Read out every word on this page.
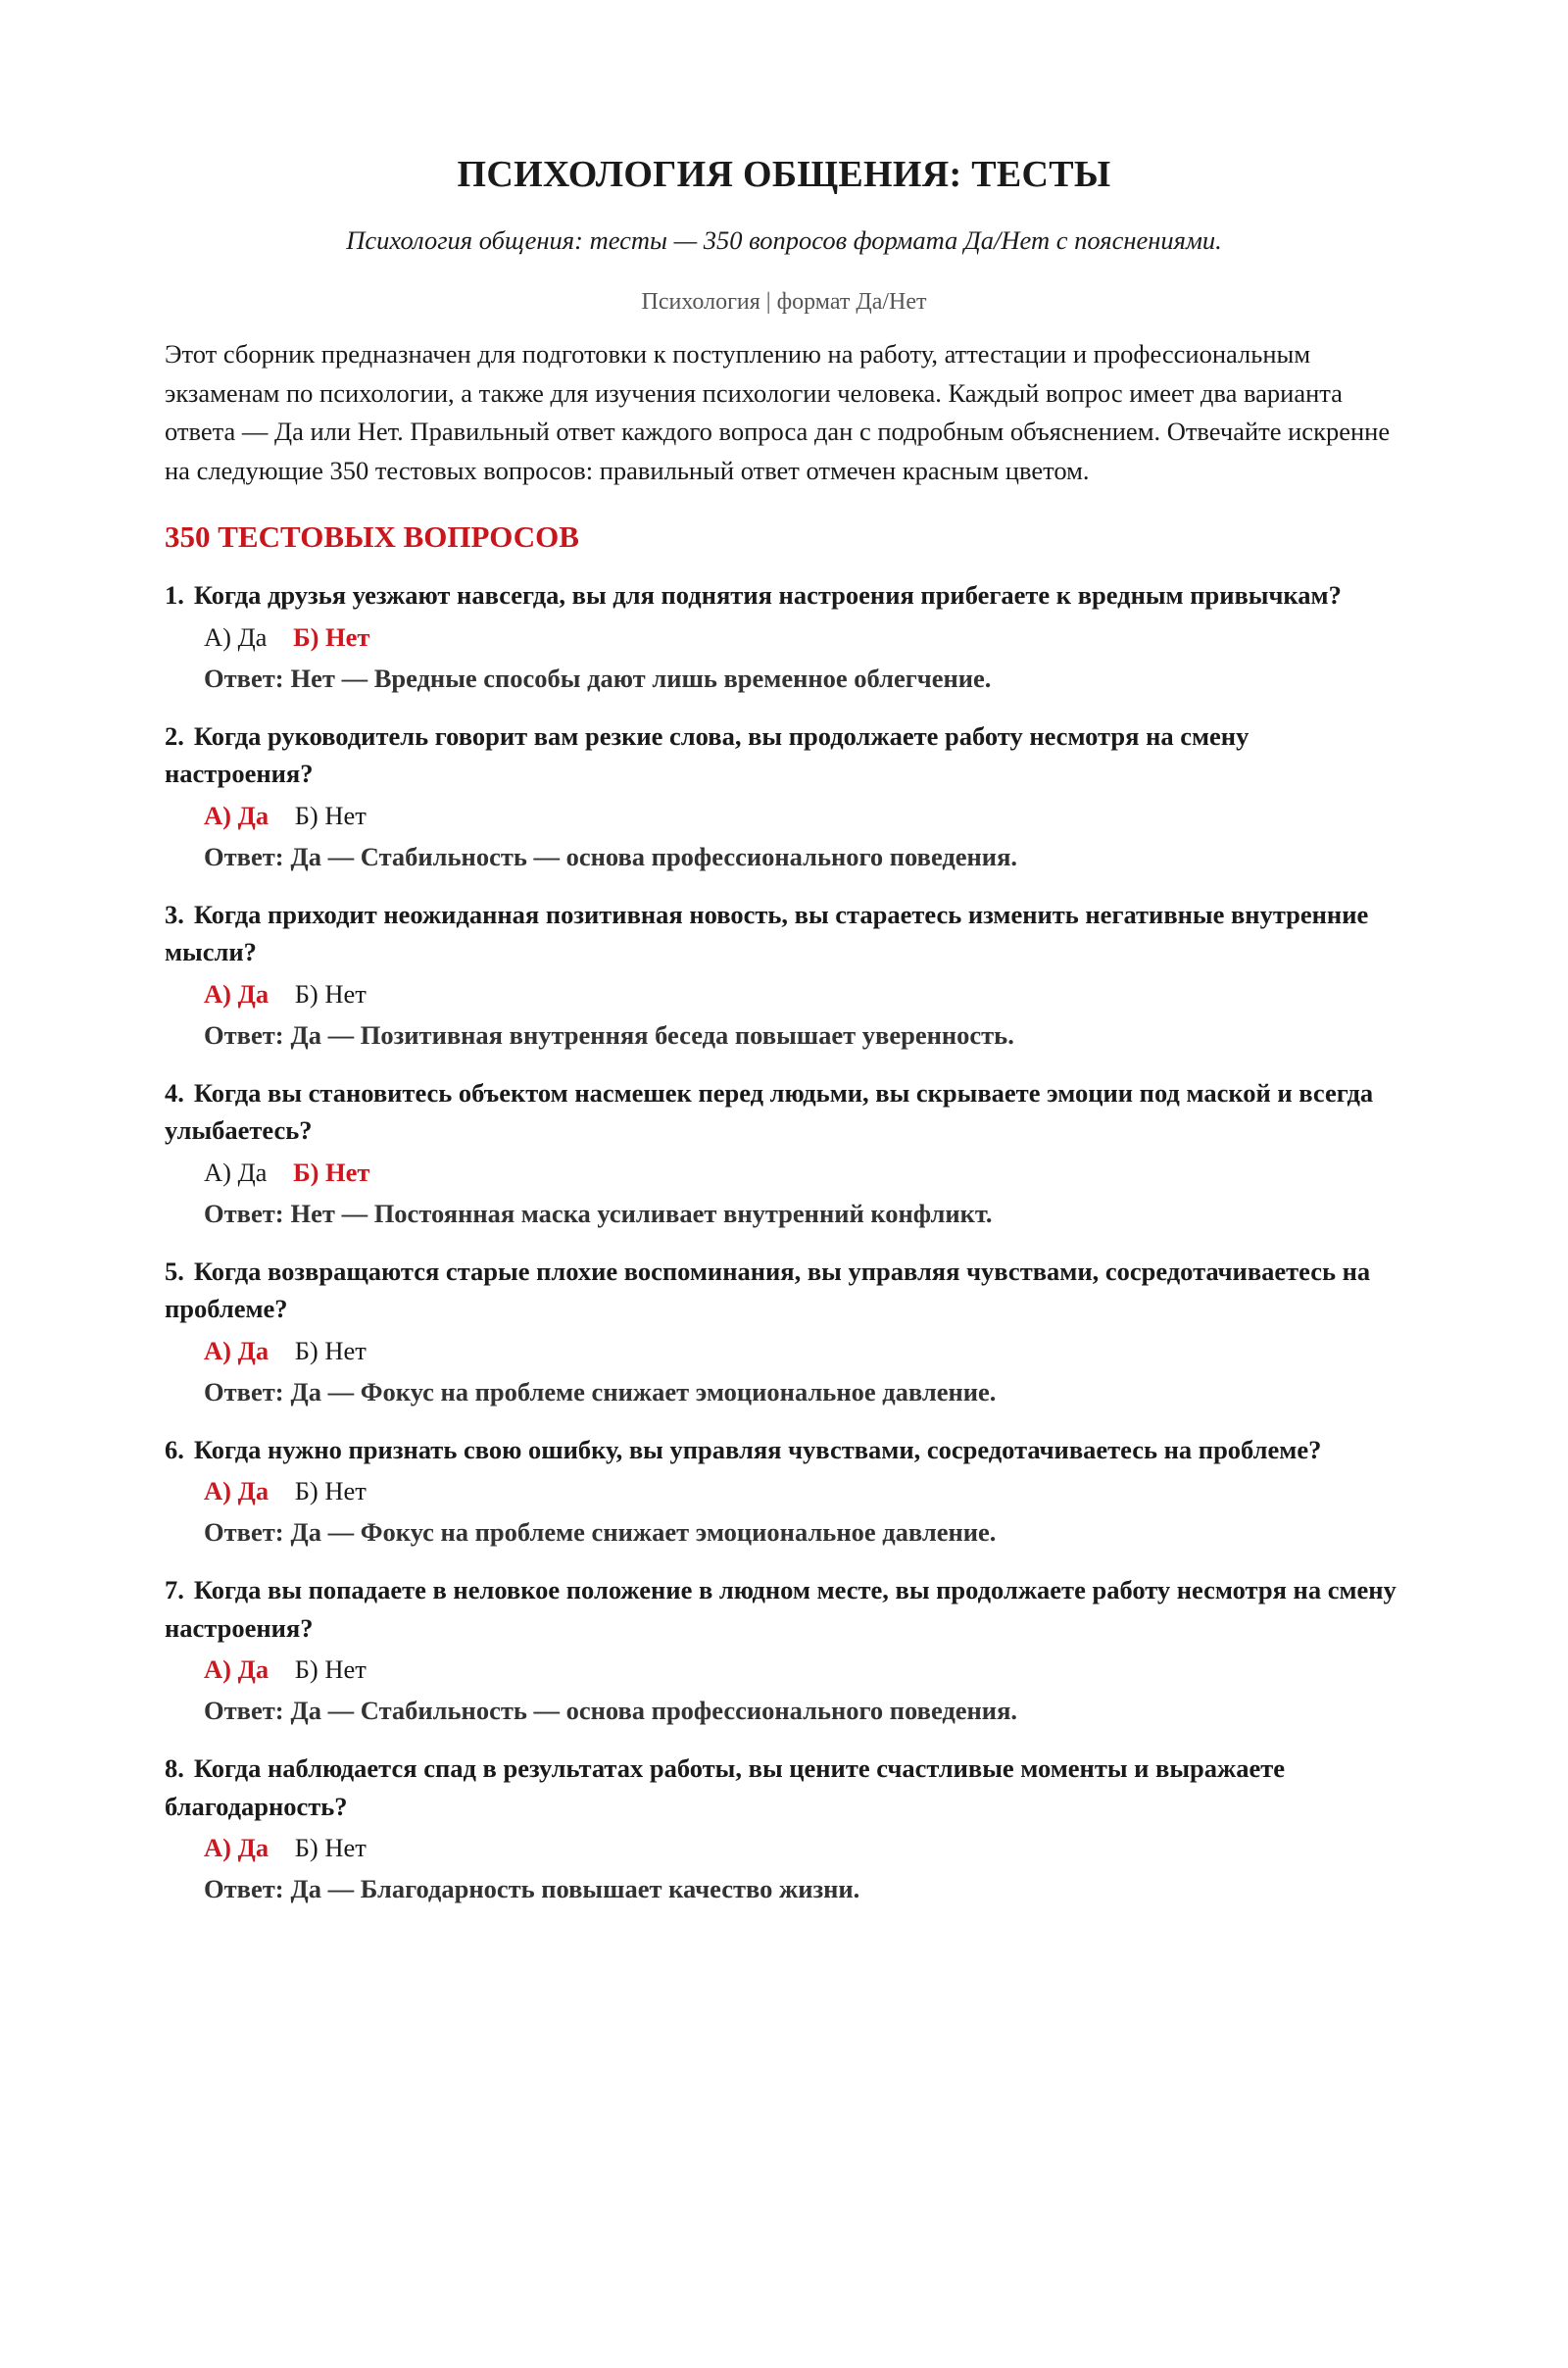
ПСИХОЛОГИЯ ОБЩЕНИЯ: ТЕСТЫ
Психология общения: тесты — 350 вопросов формата Да/Нет с пояснениями.
Психология | формат Да/Нет

Этот сборник предназначен для подготовки к поступлению на работу, аттестации и профессиональным экзаменам по психологии, а также для изучения психологии человека. Каждый вопрос имеет два варианта ответа — Да или Нет. Правильный ответ каждого вопроса дан с подробным объяснением. Отвечайте искренне на следующие 350 тестовых вопросов: правильный ответ отмечен красным цветом.

350 ТЕСТОВЫХ ВОПРОСОВ
1. Когда друзья уезжают навсегда, вы для поднятия настроения прибегаете к вредным привычкам?
А) Да Б) Нет
Ответ: Нет — Вредные способы дают лишь временное облегчение.
2. Когда руководитель говорит вам резкие слова, вы продолжаете работу несмотря на смену настроения?
А) Да Б) Нет
Ответ: Да — Стабильность — основа профессионального поведения.
3. Когда приходит неожиданная позитивная новость, вы стараетесь изменить негативные внутренние мысли?
А) Да Б) Нет
Ответ: Да — Позитивная внутренняя беседа повышает уверенность.
4. Когда вы становитесь объектом насмешек перед людьми, вы скрываете эмоции под маской и всегда улыбаетесь?
А) Да Б) Нет
Ответ: Нет — Постоянная маска усиливает внутренний конфликт.
5. Когда возвращаются старые плохие воспоминания, вы управляя чувствами, сосредотачиваетесь на проблеме?
А) Да Б) Нет
Ответ: Да — Фокус на проблеме снижает эмоциональное давление.
6. Когда нужно признать свою ошибку, вы управляя чувствами, сосредотачиваетесь на проблеме?
А) Да Б) Нет
Ответ: Да — Фокус на проблеме снижает эмоциональное давление.
7. Когда вы попадаете в неловкое положение в людном месте, вы продолжаете работу несмотря на смену настроения?
А) Да Б) Нет
Ответ: Да — Стабильность — основа профессионального поведения.
8. Когда наблюдается спад в результатах работы, вы цените счастливые моменты и выражаете благодарность?
А) Да Б) Нет
Ответ: Да — Благодарность повышает качество жизни.
